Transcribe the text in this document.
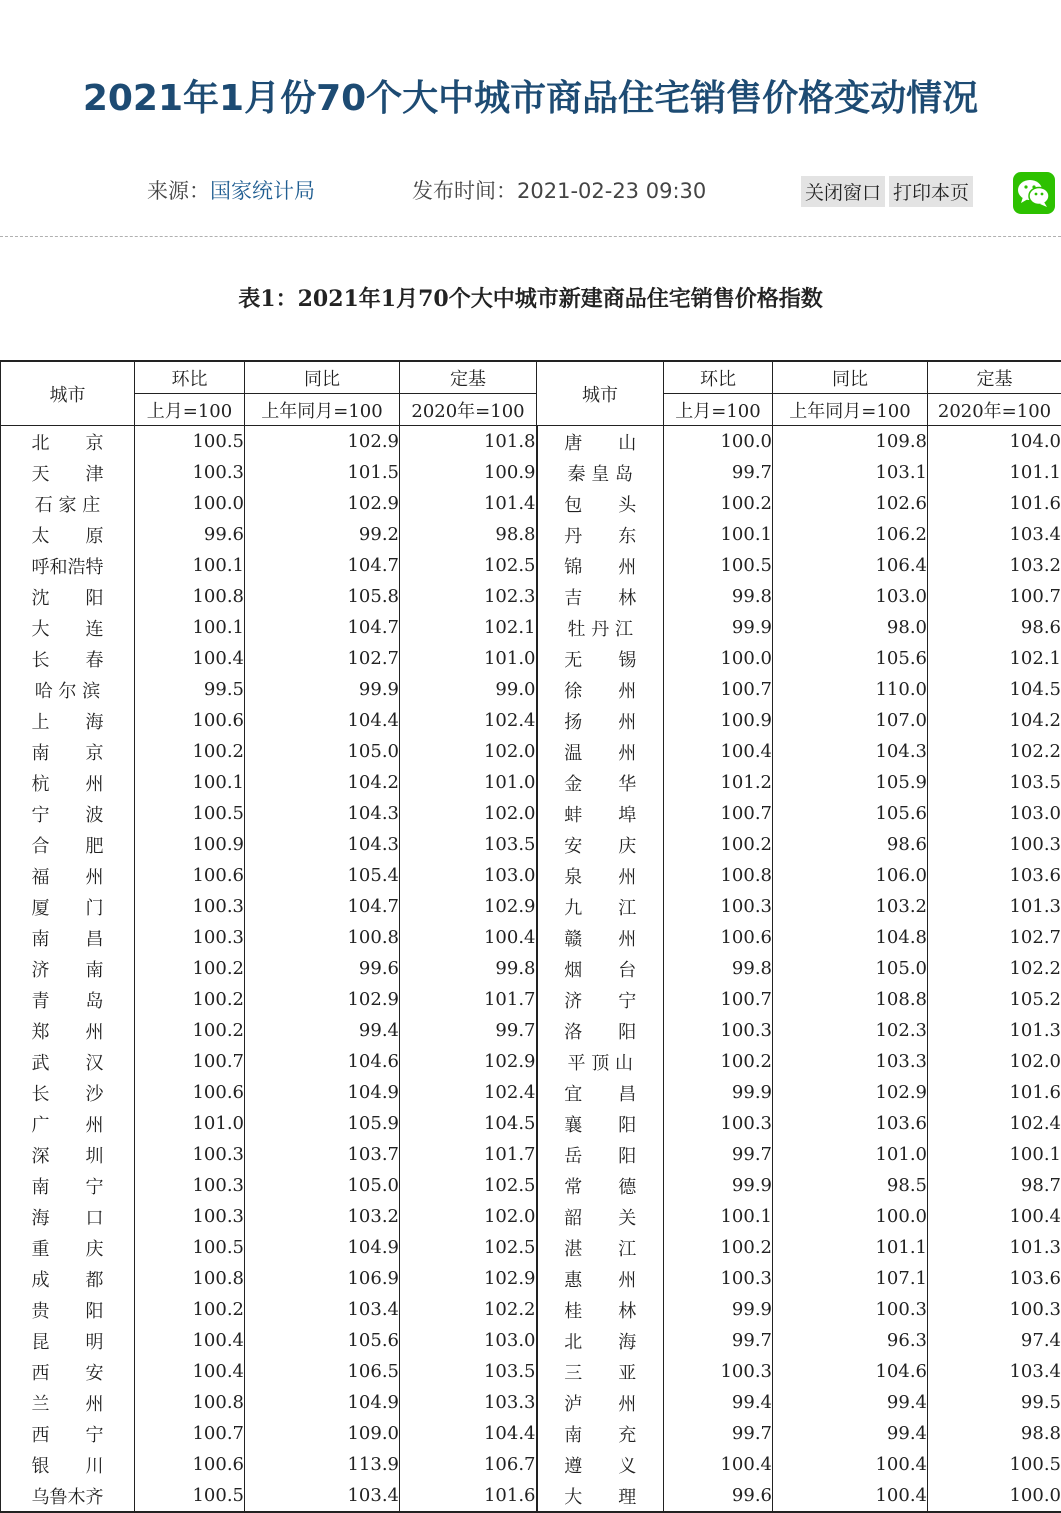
2021年1月份70个大中城市商品住宅销售价格变动情况
来源：国家统计局	发布时间：2021-02-23 09:30	关闭窗口 打印本页
表1：2021年1月70个大中城市新建商品住宅销售价格指数
城市	环比	同比	定基	城市	环比	同比	定基
	上月=100	上年同月=100	2020年=100		上月=100	上年同月=100	2020年=100
北　　京	100.5	102.9	101.8	唐　　山	100.0	109.8	104.0
天　　津	100.3	101.5	100.9	秦 皇 岛	99.7	103.1	101.1
石 家 庄	100.0	102.9	101.4	包　　头	100.2	102.6	101.6
太　　原	99.6	99.2	98.8	丹　　东	100.1	106.2	103.4
呼和浩特	100.1	104.7	102.5	锦　　州	100.5	106.4	103.2
沈　　阳	100.8	105.8	102.3	吉　　林	99.8	103.0	100.7
大　　连	100.1	104.7	102.1	牡 丹 江	99.9	98.0	98.6
长　　春	100.4	102.7	101.0	无　　锡	100.0	105.6	102.1
哈 尔 滨	99.5	99.9	99.0	徐　　州	100.7	110.0	104.5
上　　海	100.6	104.4	102.4	扬　　州	100.9	107.0	104.2
南　　京	100.2	105.0	102.0	温　　州	100.4	104.3	102.2
杭　　州	100.1	104.2	101.0	金　　华	101.2	105.9	103.5
宁　　波	100.5	104.3	102.0	蚌　　埠	100.7	105.6	103.0
合　　肥	100.9	104.3	103.5	安　　庆	100.2	98.6	100.3
福　　州	100.6	105.4	103.0	泉　　州	100.8	106.0	103.6
厦　　门	100.3	104.7	102.9	九　　江	100.3	103.2	101.3
南　　昌	100.3	100.8	100.4	赣　　州	100.6	104.8	102.7
济　　南	100.2	99.6	99.8	烟　　台	99.8	105.0	102.2
青　　岛	100.2	102.9	101.7	济　　宁	100.7	108.8	105.2
郑　　州	100.2	99.4	99.7	洛　　阳	100.3	102.3	101.3
武　　汉	100.7	104.6	102.9	平 顶 山	100.2	103.3	102.0
长　　沙	100.6	104.9	102.4	宜　　昌	99.9	102.9	101.6
广　　州	101.0	105.9	104.5	襄　　阳	100.3	103.6	102.4
深　　圳	100.3	103.7	101.7	岳　　阳	99.7	101.0	100.1
南　　宁	100.3	105.0	102.5	常　　德	99.9	98.5	98.7
海　　口	100.3	103.2	102.0	韶　　关	100.1	100.0	100.4
重　　庆	100.5	104.9	102.5	湛　　江	100.2	101.1	101.3
成　　都	100.8	106.9	102.9	惠　　州	100.3	107.1	103.6
贵　　阳	100.2	103.4	102.2	桂　　林	99.9	100.3	100.3
昆　　明	100.4	105.6	103.0	北　　海	99.7	96.3	97.4
西　　安	100.4	106.5	103.5	三　　亚	100.3	104.6	103.4
兰　　州	100.8	104.9	103.3	泸　　州	99.4	99.4	99.5
西　　宁	100.7	109.0	104.4	南　　充	99.7	99.4	98.8
银　　川	100.6	113.9	106.7	遵　　义	100.4	100.4	100.5
乌鲁木齐	100.5	103.4	101.6	大　　理	99.6	100.4	100.0
